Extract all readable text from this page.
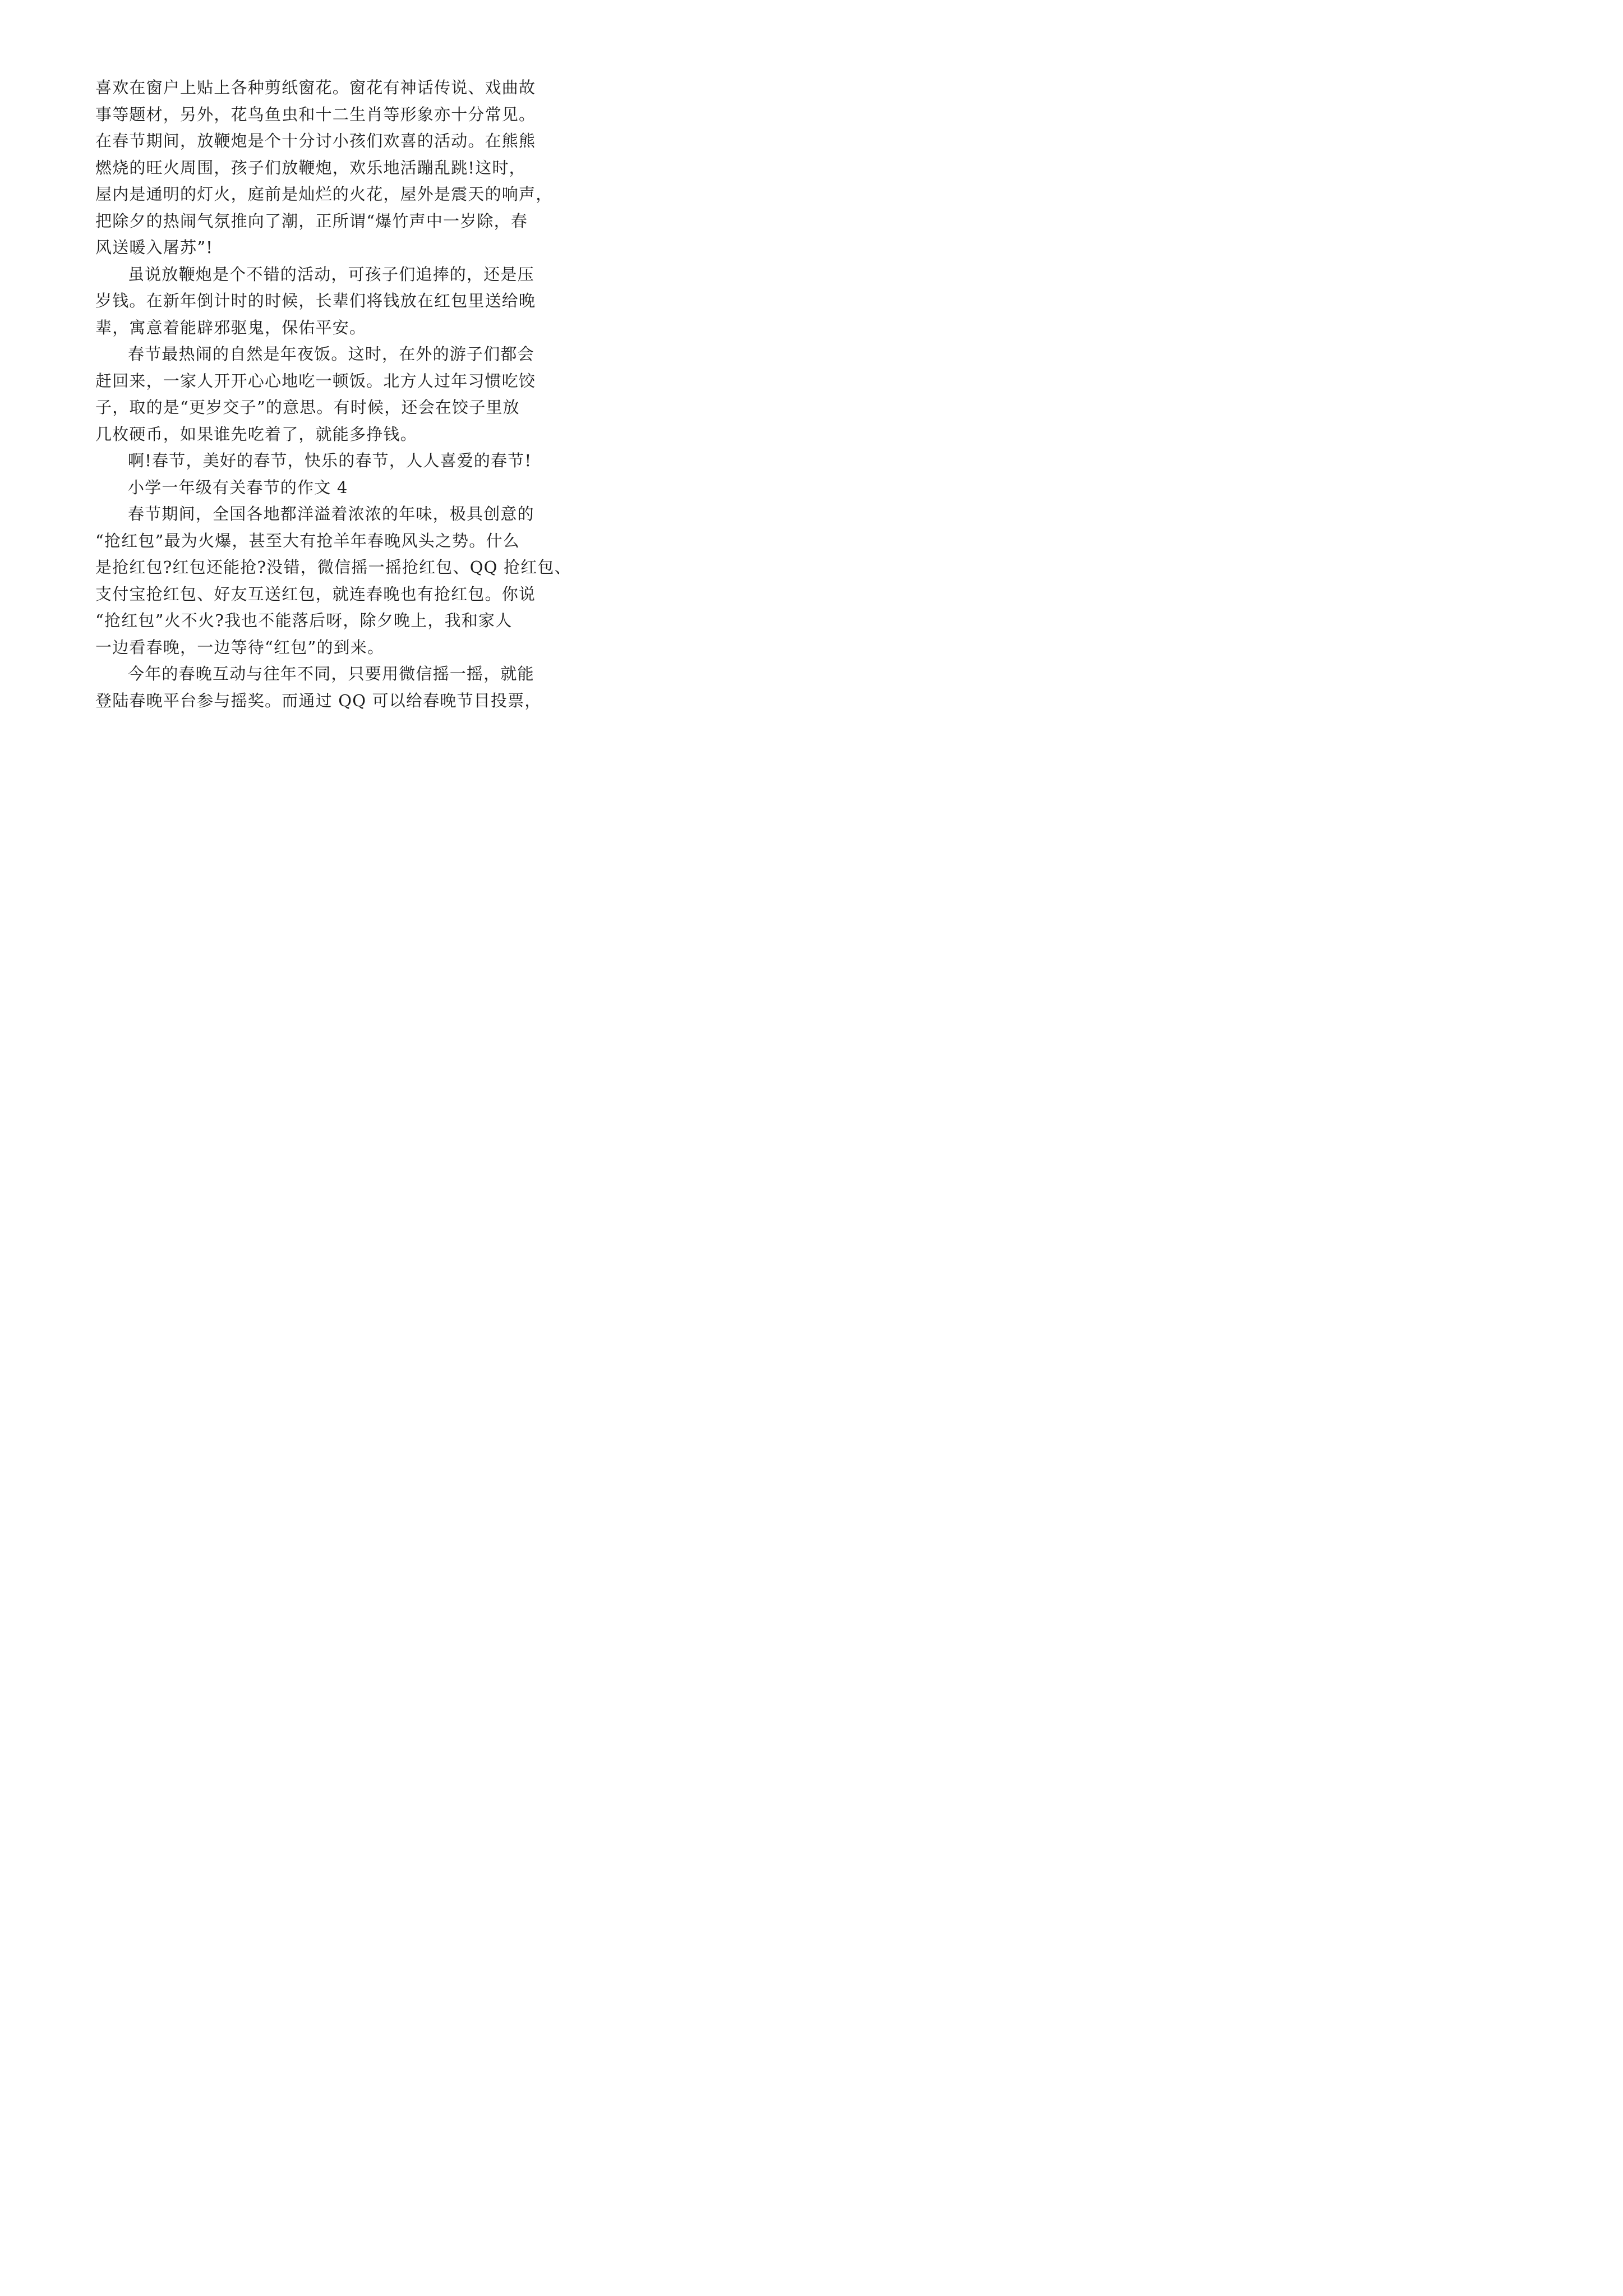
喜欢在窗户上贴上各种剪纸窗花。窗花有神话传说、戏曲故
事等题材，另外，花鸟鱼虫和十二生肖等形象亦十分常见。
在春节期间，放鞭炮是个十分讨小孩们欢喜的活动。在熊熊
燃烧的旺火周围，孩子们放鞭炮，欢乐地活蹦乱跳!这时，
屋内是通明的灯火，庭前是灿烂的火花，屋外是震天的响声，
把除夕的热闹气氛推向了潮，正所谓“爆竹声中一岁除，春
风送暖入屠苏”!
虽说放鞭炮是个不错的活动，可孩子们追捧的，还是压
岁钱。在新年倒计时的时候，长辈们将钱放在红包里送给晚
辈，寓意着能辟邪驱鬼，保佑平安。
春节最热闹的自然是年夜饭。这时，在外的游子们都会
赶回来，一家人开开心心地吃一顿饭。北方人过年习惯吃饺
子，取的是“更岁交子”的意思。有时候，还会在饺子里放
几枚硬币，如果谁先吃着了，就能多挣钱。
啊!春节，美好的春节，快乐的春节，人人喜爱的春节!
小学一年级有关春节的作文 4
春节期间，全国各地都洋溢着浓浓的年味，极具创意的
“抢红包”最为火爆，甚至大有抢羊年春晚风头之势。什么
是抢红包?红包还能抢?没错，微信摇一摇抢红包、QQ 抢红包、
支付宝抢红包、好友互送红包，就连春晚也有抢红包。你说
“抢红包”火不火?我也不能落后呀，除夕晚上，我和家人
一边看春晚，一边等待“红包”的到来。
今年的春晚互动与往年不同，只要用微信摇一摇，就能
登陆春晚平台参与摇奖。而通过 QQ 可以给春晚节目投票，
